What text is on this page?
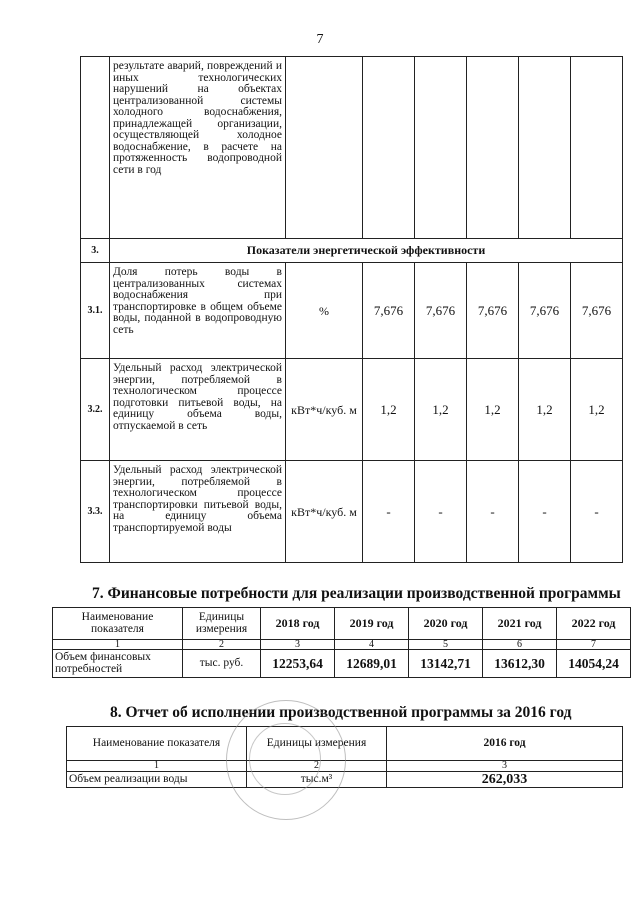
7
	результате аварий, повреждений и иных технологических нарушений на объектах централизованной системы холодного водоснабжения, принадлежащей организации, осуществляющей холодное водоснабжение, в расчете на протяженность водопроводной сети в год						
3.	Показатели энергетической эффективности						
3.1.	Доля потерь воды в централизованных системах водоснабжения при транспортировке в общем объеме воды, поданной в водопроводную сеть	%	7,676	7,676	7,676	7,676	7,676
3.2.	Удельный расход электрической энергии, потребляемой в технологическом процессе подготовки питьевой воды, на единицу объема воды, отпускаемой в сеть	кВт*ч/куб. м	1,2	1,2	1,2	1,2	1,2
3.3.	Удельный расход электрической энергии, потребляемой в технологическом процессе транспортировки питьевой воды, на единицу объема транспортируемой воды	кВт*ч/куб. м	-	-	-	-	-
7. Финансовые потребности для реализации производственной программы
Наименование показателя	Единицы измерения	2018 год	2019 год	2020 год	2021 год	2022 год
1	2	3	4	5	6	7
Объем финансовых потребностей	тыс. руб.	12253,64	12689,01	13142,71	13612,30	14054,24
8. Отчет об исполнении производственной программы за 2016 год
Наименование показателя	Единицы измерения	2016 год
1	2	3
Объем реализации воды	тыс.м³	262,033
